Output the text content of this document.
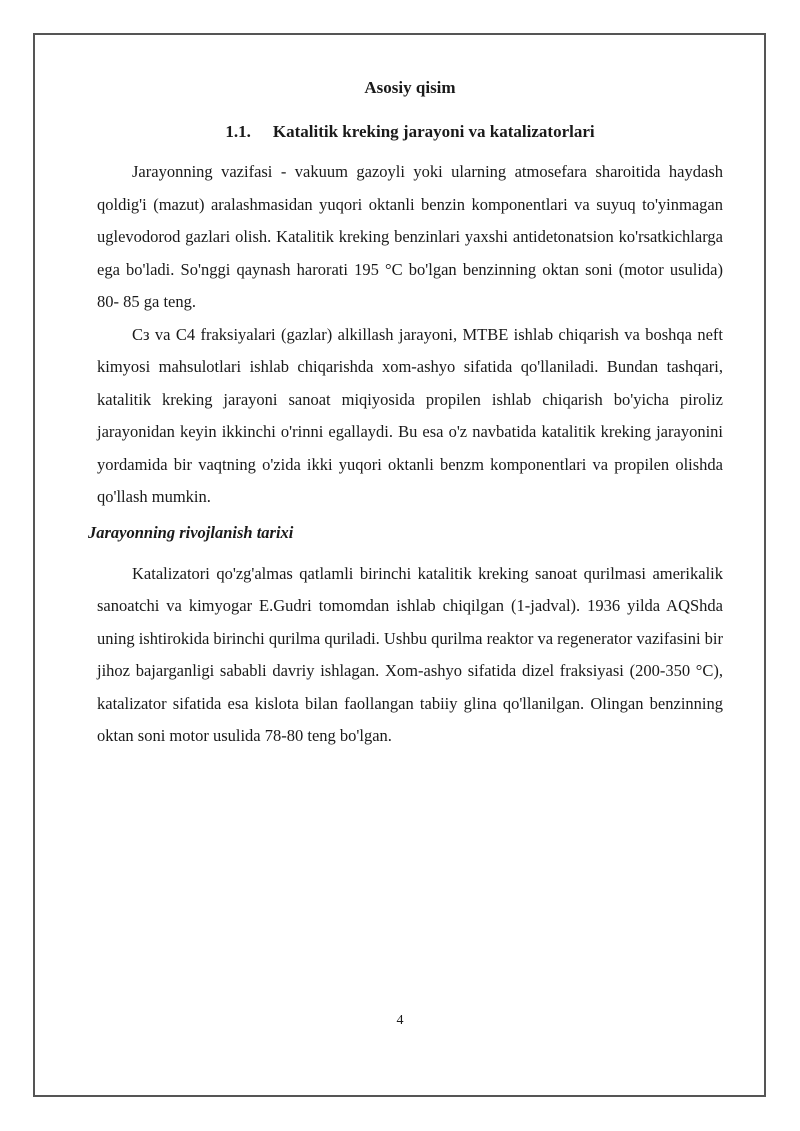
Asosiy qisim
1.1. Katalitik kreking jarayoni va katalizatorlari

Jarayonning vazifasi - vakuum gazoyli yoki ularning atmosefara sharoitida haydash qoldig'i (mazut) aralashmasidan yuqori oktanli benzin komponentlari va suyuq to'yinmagan uglevodorod gazlari olish. Katalitik kreking benzinlari yaxshi antidetonatsion ko'rsatkichlarga ega bo'ladi. So'nggi qaynash harorati 195 °C bo'lgan benzinning oktan soni (motor usulida) 80- 85 ga teng.

Cз va C4 fraksiyalari (gazlar) alkillash jarayoni, MTBE ishlab chiqarish va boshqa neft kimyosi mahsulotlari ishlab chiqarishda xom-ashyo sifatida qo'llaniladi. Bundan tashqari, katalitik kreking jarayoni sanoat miqiyosida propilen ishlab chiqarish bo'yicha piroliz jarayonidan keyin ikkinchi o'rinni egallaydi. Bu esa o'z navbatida katalitik kreking jarayonini yordamida bir vaqtning o'zida ikki yuqori oktanli benzm komponentlari va propilen olishda qo'llash mumkin.

Jarayonning rivojlanish tarixi

Katalizatori qo'zg'almas qatlamli birinchi katalitik kreking sanoat qurilmasi amerikalik sanoatchi va kimyogar E.Gudri tomomdan ishlab chiqilgan (1-jadval). 1936 yilda AQShda uning ishtirokida birinchi qurilma quriladi. Ushbu qurilma reaktor va regenerator vazifasini bir jihoz bajarganligi sababli davriy ishlagan. Xom-ashyo sifatida dizel fraksiyasi (200-350 °C), katalizator sifatida esa kislota bilan faollangan tabiiy glina qo'llanilgan. Olingan benzinning oktan soni motor usulida 78-80 teng bo'lgan.

4
